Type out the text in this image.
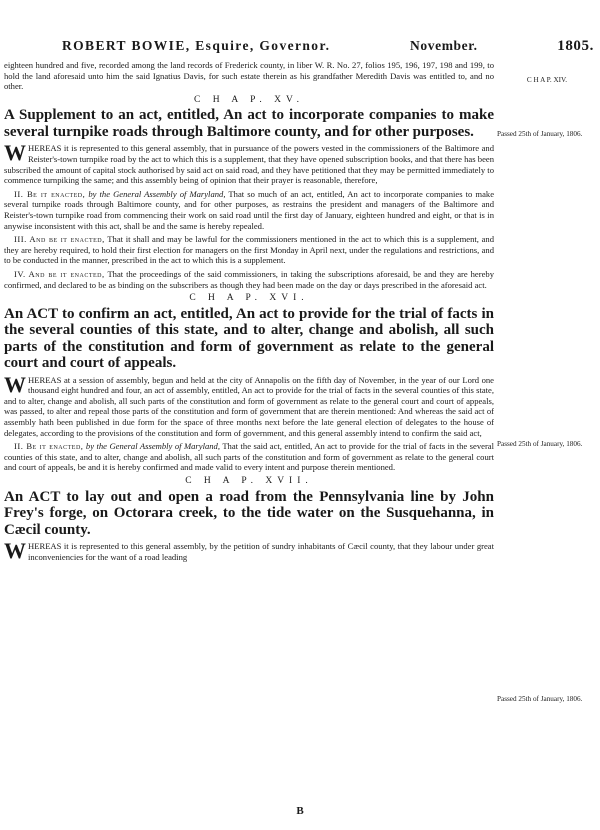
ROBERT BOWIE, Esquire, Governor.	November.	1805.
C H A P. XIV.
Passed 25th of January, 1806.
Passed 25th of January, 1806.
Passed 25th of January, 1806.

eighteen hundred and five, recorded among the land records of Frederick county, in liber W. R. No. 27, folios 195, 196, 197, 198 and 199, to hold the land aforesaid unto him the said Ignatius Davis, for such estate therein as his grandfather Meredith Davis was entitled to, and no other.

C H A P. XV.
A Supplement to an act, entitled, An act to incorporate companies to make several turnpike roads through Baltimore county, and for other purposes.

WHEREAS it is represented to this general assembly, that in pursuance of the powers vested in the commissioners of the Baltimore and Reister's-town turnpike road by the act to which this is a supplement, that they have opened subscription books, and that there has been subscribed the amount of capital stock authorised by said act on said road, and they have petitioned that they may be permitted immediately to commence turnpiking the same; and this assembly being of opinion that their prayer is reasonable, therefore,

II. Be it enacted, by the General Assembly of Maryland, That so much of an act, entitled, An act to incorporate companies to make several turnpike roads through Baltimore county, and for other purposes, as restrains the president and managers of the Baltimore and Reister's-town turnpike road from commencing their work on said road until the first day of January, eighteen hundred and eight, or that is in anywise inconsistent with this act, shall be and the same is hereby repealed.

III. And be it enacted, That it shall and may be lawful for the commissioners mentioned in the act to which this is a supplement, and they are hereby required, to hold their first election for managers on the first Monday in April next, under the regulations and restrictions, and to be conducted in the manner, prescribed in the act to which this is a supplement.

IV. And be it enacted, That the proceedings of the said commissioners, in taking the subscriptions aforesaid, be and they are hereby confirmed, and declared to be as binding on the subscribers as though they had been made on the day or days prescribed in the aforesaid act.

C H A P. XVI.
An ACT to confirm an act, entitled, An act to provide for the trial of facts in the several counties of this state, and to alter, change and abolish, all such parts of the constitution and form of government as relate to the general court and court of appeals.

WHEREAS at a session of assembly, begun and held at the city of Annapolis on the fifth day of November, in the year of our Lord one thousand eight hundred and four, an act of assembly, entitled, An act to provide for the trial of facts in the several counties of this state, and to alter, change and abolish, all such parts of the constitution and form of government as relate to the general court and court of appeals, was passed, to alter and repeal those parts of the constitution and form of government that are therein mentioned: And whereas the said act of assembly hath been published in due form for the space of three months next before the late general election of delegates to the house of delegates, according to the provisions of the constitution and form of government, and this general assembly intend to confirm the said act,

II. Be it enacted, by the General Assembly of Maryland, That the said act, entitled, An act to provide for the trial of facts in the several counties of this state, and to alter, change and abolish, all such parts of the constitution and form of government as relate to the general court and court of appeals, be and it is hereby confirmed and made valid to every intent and purpose therein mentioned.

C H A P. XVII.
An ACT to lay out and open a road from the Pennsylvania line by John Frey's forge, on Octorara creek, to the tide water on the Susquehanna, in Cæcil county.

WHEREAS it is represented to this general assembly, by the petition of sundry inhabitants of Cæcil county, that they labour under great inconveniencies for the want of a road leading

B
